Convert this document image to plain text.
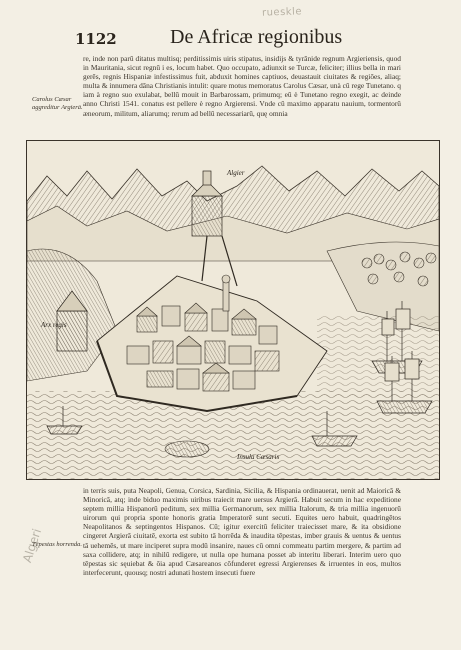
rueskle
Algeri
1122	De Africæ regionibus

re, inde non parū ditatus multisq; perditissimis uiris stipatus, insidijs & tyrānide regnum Argieriensis, quod in Mauritania, sicut regnū i es, locum habet. Quo occupato, adiunxit se Turcæ, feliciter; illius bella in mari gerēs, regnis Hispaniæ infestissimus fuit, abduxit homines captiuos, deuastauit ciuitates & regiōes, aliaq; multa & innumera dāna Christianis intulit: quare motus memoratus Carolus Cæsar, unà cū rege Tunetano. q iam à regno suo exulabat, bellū mouit in Barbarossam, primumq; eū è Tunetano regno exegit, ac deinde anno Christi 1541. conatus est pellere è regno Argierensi. Vnde cū maximo apparatu nauium, tormentorū æneorum, militum, aliarumq; rerum ad bellū necessariarū, quę omnia

Carolus Cæsar aggreditur Argierā.
Algier
Arx regis
Insula Cæsaris

in terris suis, puta Neapoli, Genua, Corsica, Sardinia, Sicilia, & Hispania ordinauerat, uenit ad Maioricā & Minoricā, atq; inde biduo maximis uiribus traiecit mare uersus Argierā. Habuit secum in hac expeditione septem millia Hispanorū peditum, sex millia Germanorum, sex millia Italorum, & tria millia ingenuorū uirorum qui propria sponte honoris gratia Imperatorē sunt secuti. Equites uero habuit, quadringētos Neapolitanos & septingentos Hispanos. Cū; igitur exercitū feliciter traiecisset mare, & ita obsidione cingeret Argierā ciuitatē, exorta est subito tā horrēda & inaudita tēpestas, imber grauis & uentus & uentus tā uehemēs, ut mare inciperet supra modū insanire, naues cū omni commeatu partim mergere, & partim ad saxa collidere, atq; in nihilū redigere, ut nulla ope humana posset ab interitu liberari. Interim uero quo tēpestas sic sęuiebat & ōia apud Cæsareanos cōfunderet egressi Argierenses & irruentes in eos, multos interfecerunt, quousq; nostri adunati hostem insecuti fuere

Tēpestas horrenda.
